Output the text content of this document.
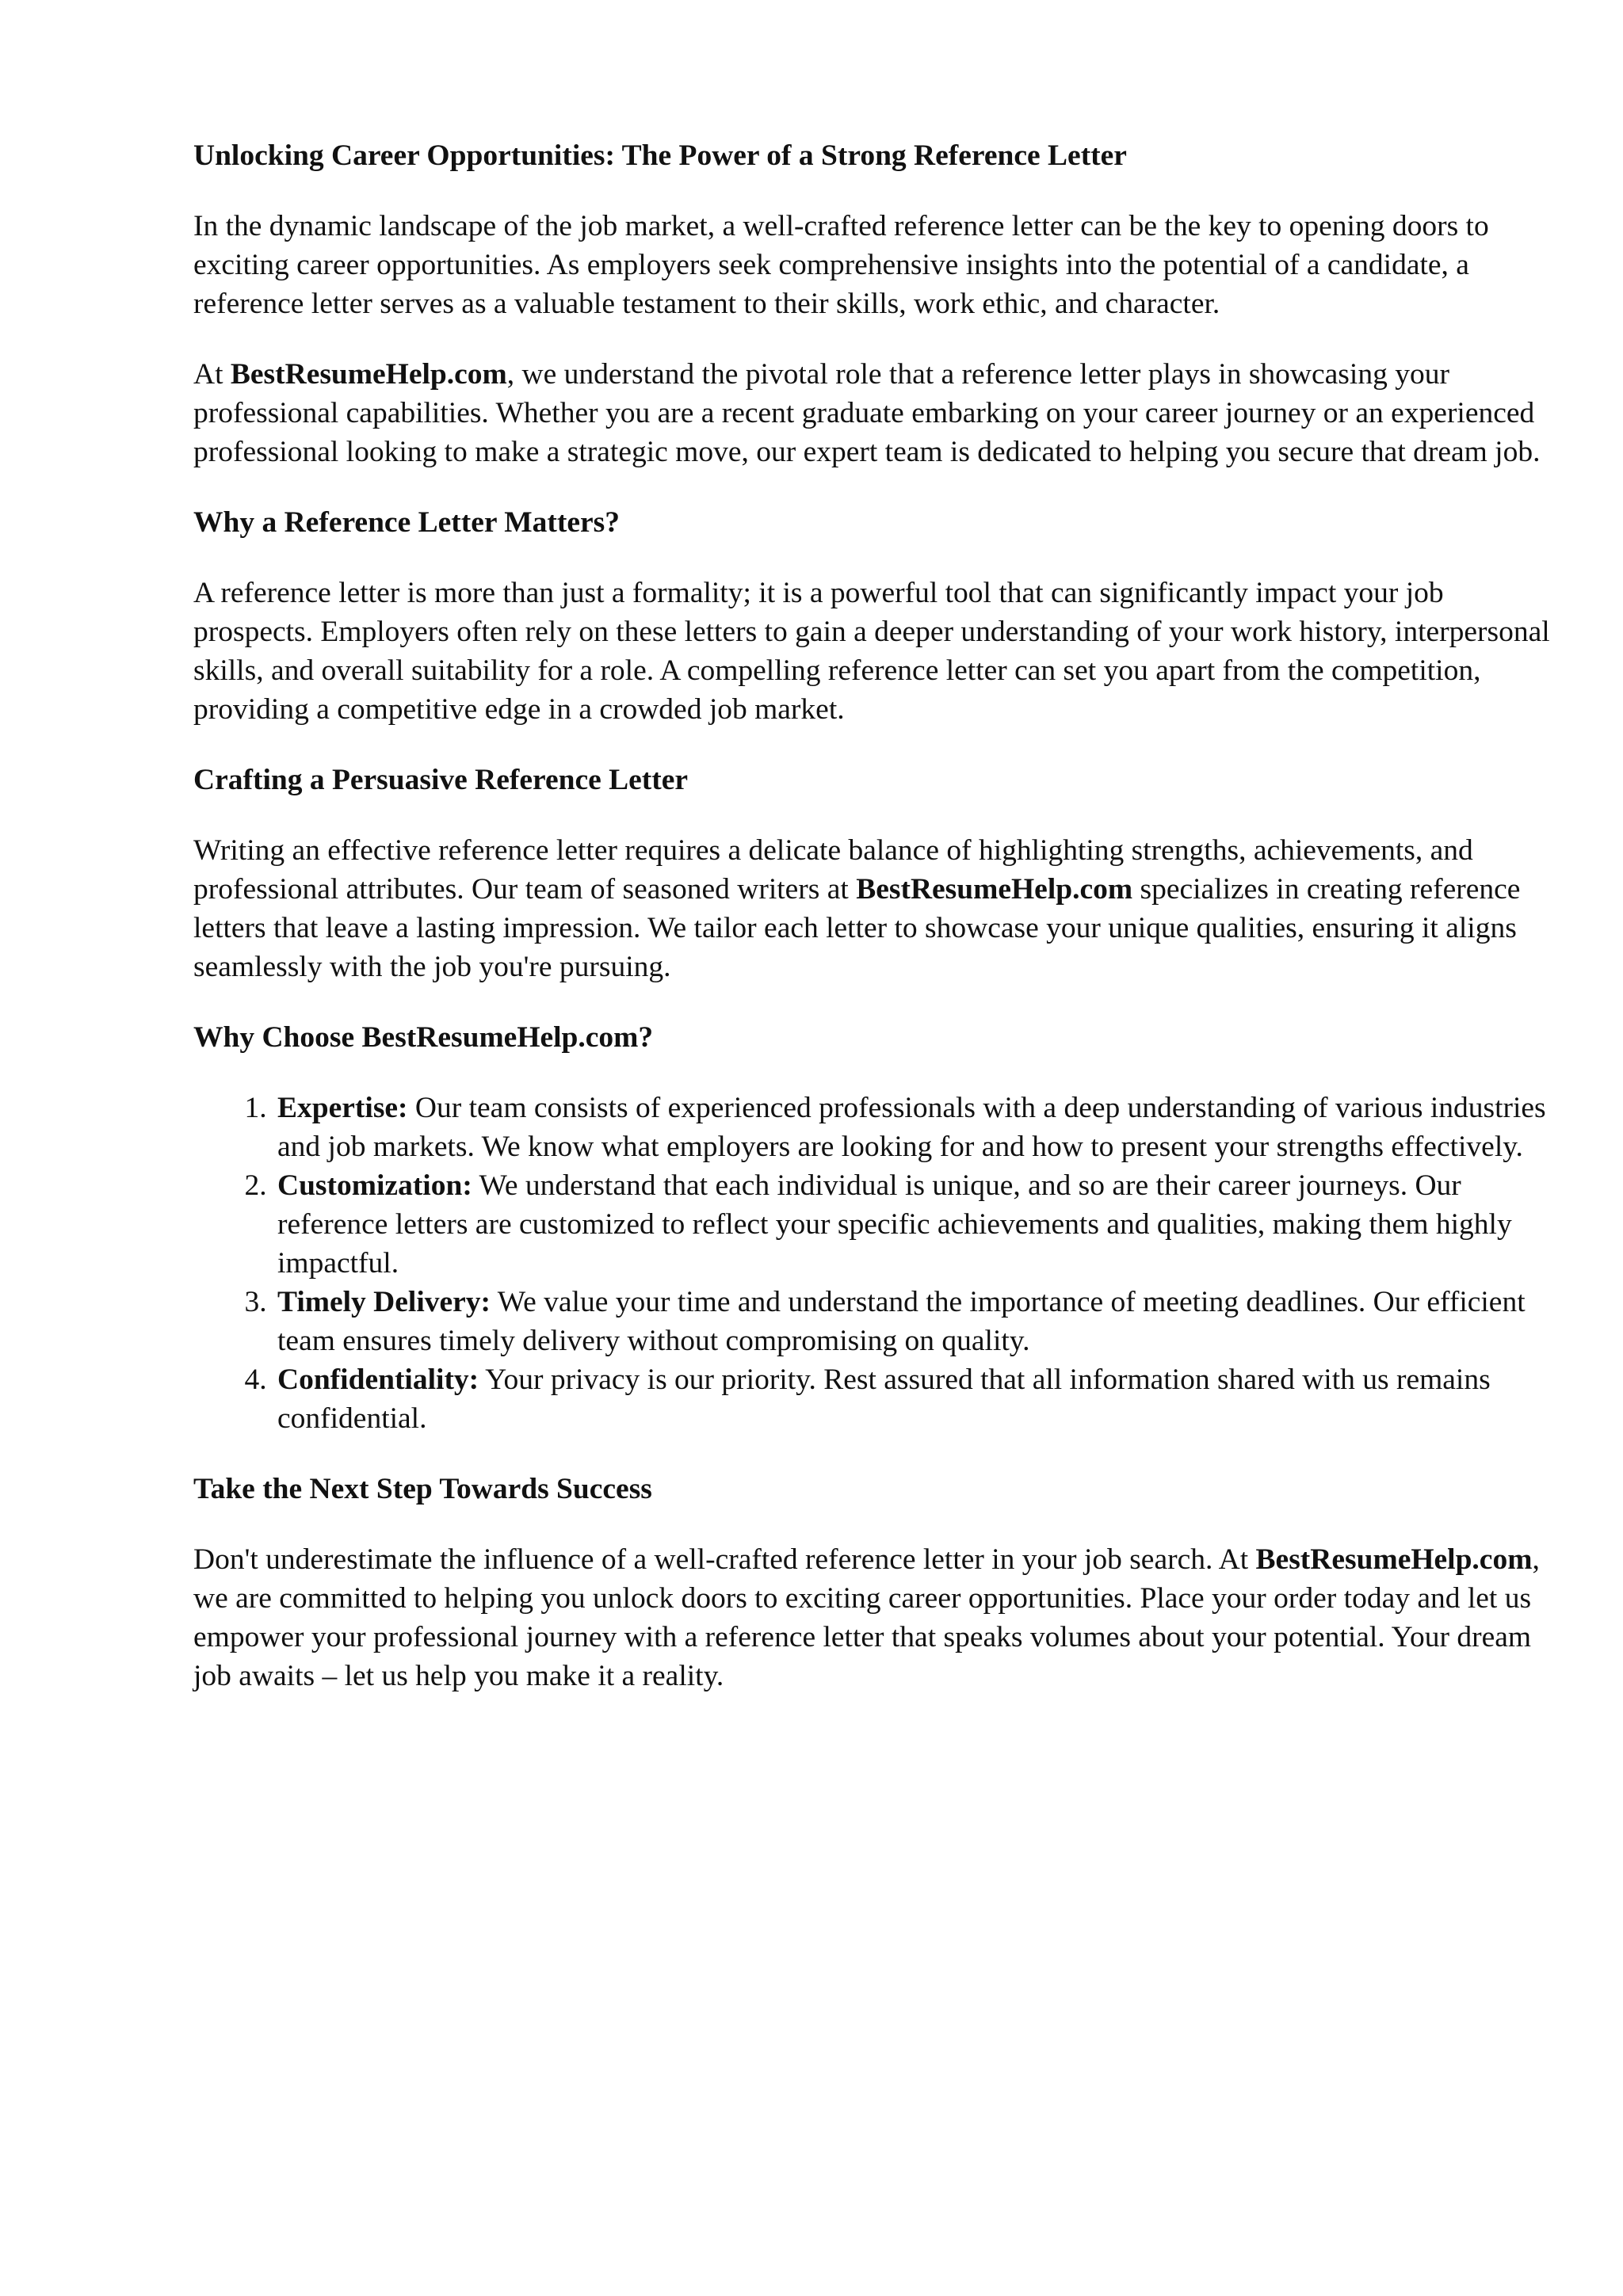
Unlocking Career Opportunities: The Power of a Strong Reference Letter

In the dynamic landscape of the job market, a well-crafted reference letter can be the key to opening doors to exciting career opportunities. As employers seek comprehensive insights into the potential of a candidate, a reference letter serves as a valuable testament to their skills, work ethic, and character.

At BestResumeHelp.com, we understand the pivotal role that a reference letter plays in showcasing your professional capabilities. Whether you are a recent graduate embarking on your career journey or an experienced professional looking to make a strategic move, our expert team is dedicated to helping you secure that dream job.

Why a Reference Letter Matters?

A reference letter is more than just a formality; it is a powerful tool that can significantly impact your job prospects. Employers often rely on these letters to gain a deeper understanding of your work history, interpersonal skills, and overall suitability for a role. A compelling reference letter can set you apart from the competition, providing a competitive edge in a crowded job market.

Crafting a Persuasive Reference Letter

Writing an effective reference letter requires a delicate balance of highlighting strengths, achievements, and professional attributes. Our team of seasoned writers at BestResumeHelp.com specializes in creating reference letters that leave a lasting impression. We tailor each letter to showcase your unique qualities, ensuring it aligns seamlessly with the job you're pursuing.

Why Choose BestResumeHelp.com?
1. Expertise: Our team consists of experienced professionals with a deep understanding of various industries and job markets. We know what employers are looking for and how to present your strengths effectively.
2. Customization: We understand that each individual is unique, and so are their career journeys. Our reference letters are customized to reflect your specific achievements and qualities, making them highly impactful.
3. Timely Delivery: We value your time and understand the importance of meeting deadlines. Our efficient team ensures timely delivery without compromising on quality.
4. Confidentiality: Your privacy is our priority. Rest assured that all information shared with us remains confidential.
Take the Next Step Towards Success

Don't underestimate the influence of a well-crafted reference letter in your job search. At BestResumeHelp.com, we are committed to helping you unlock doors to exciting career opportunities. Place your order today and let us empower your professional journey with a reference letter that speaks volumes about your potential. Your dream job awaits – let us help you make it a reality.
